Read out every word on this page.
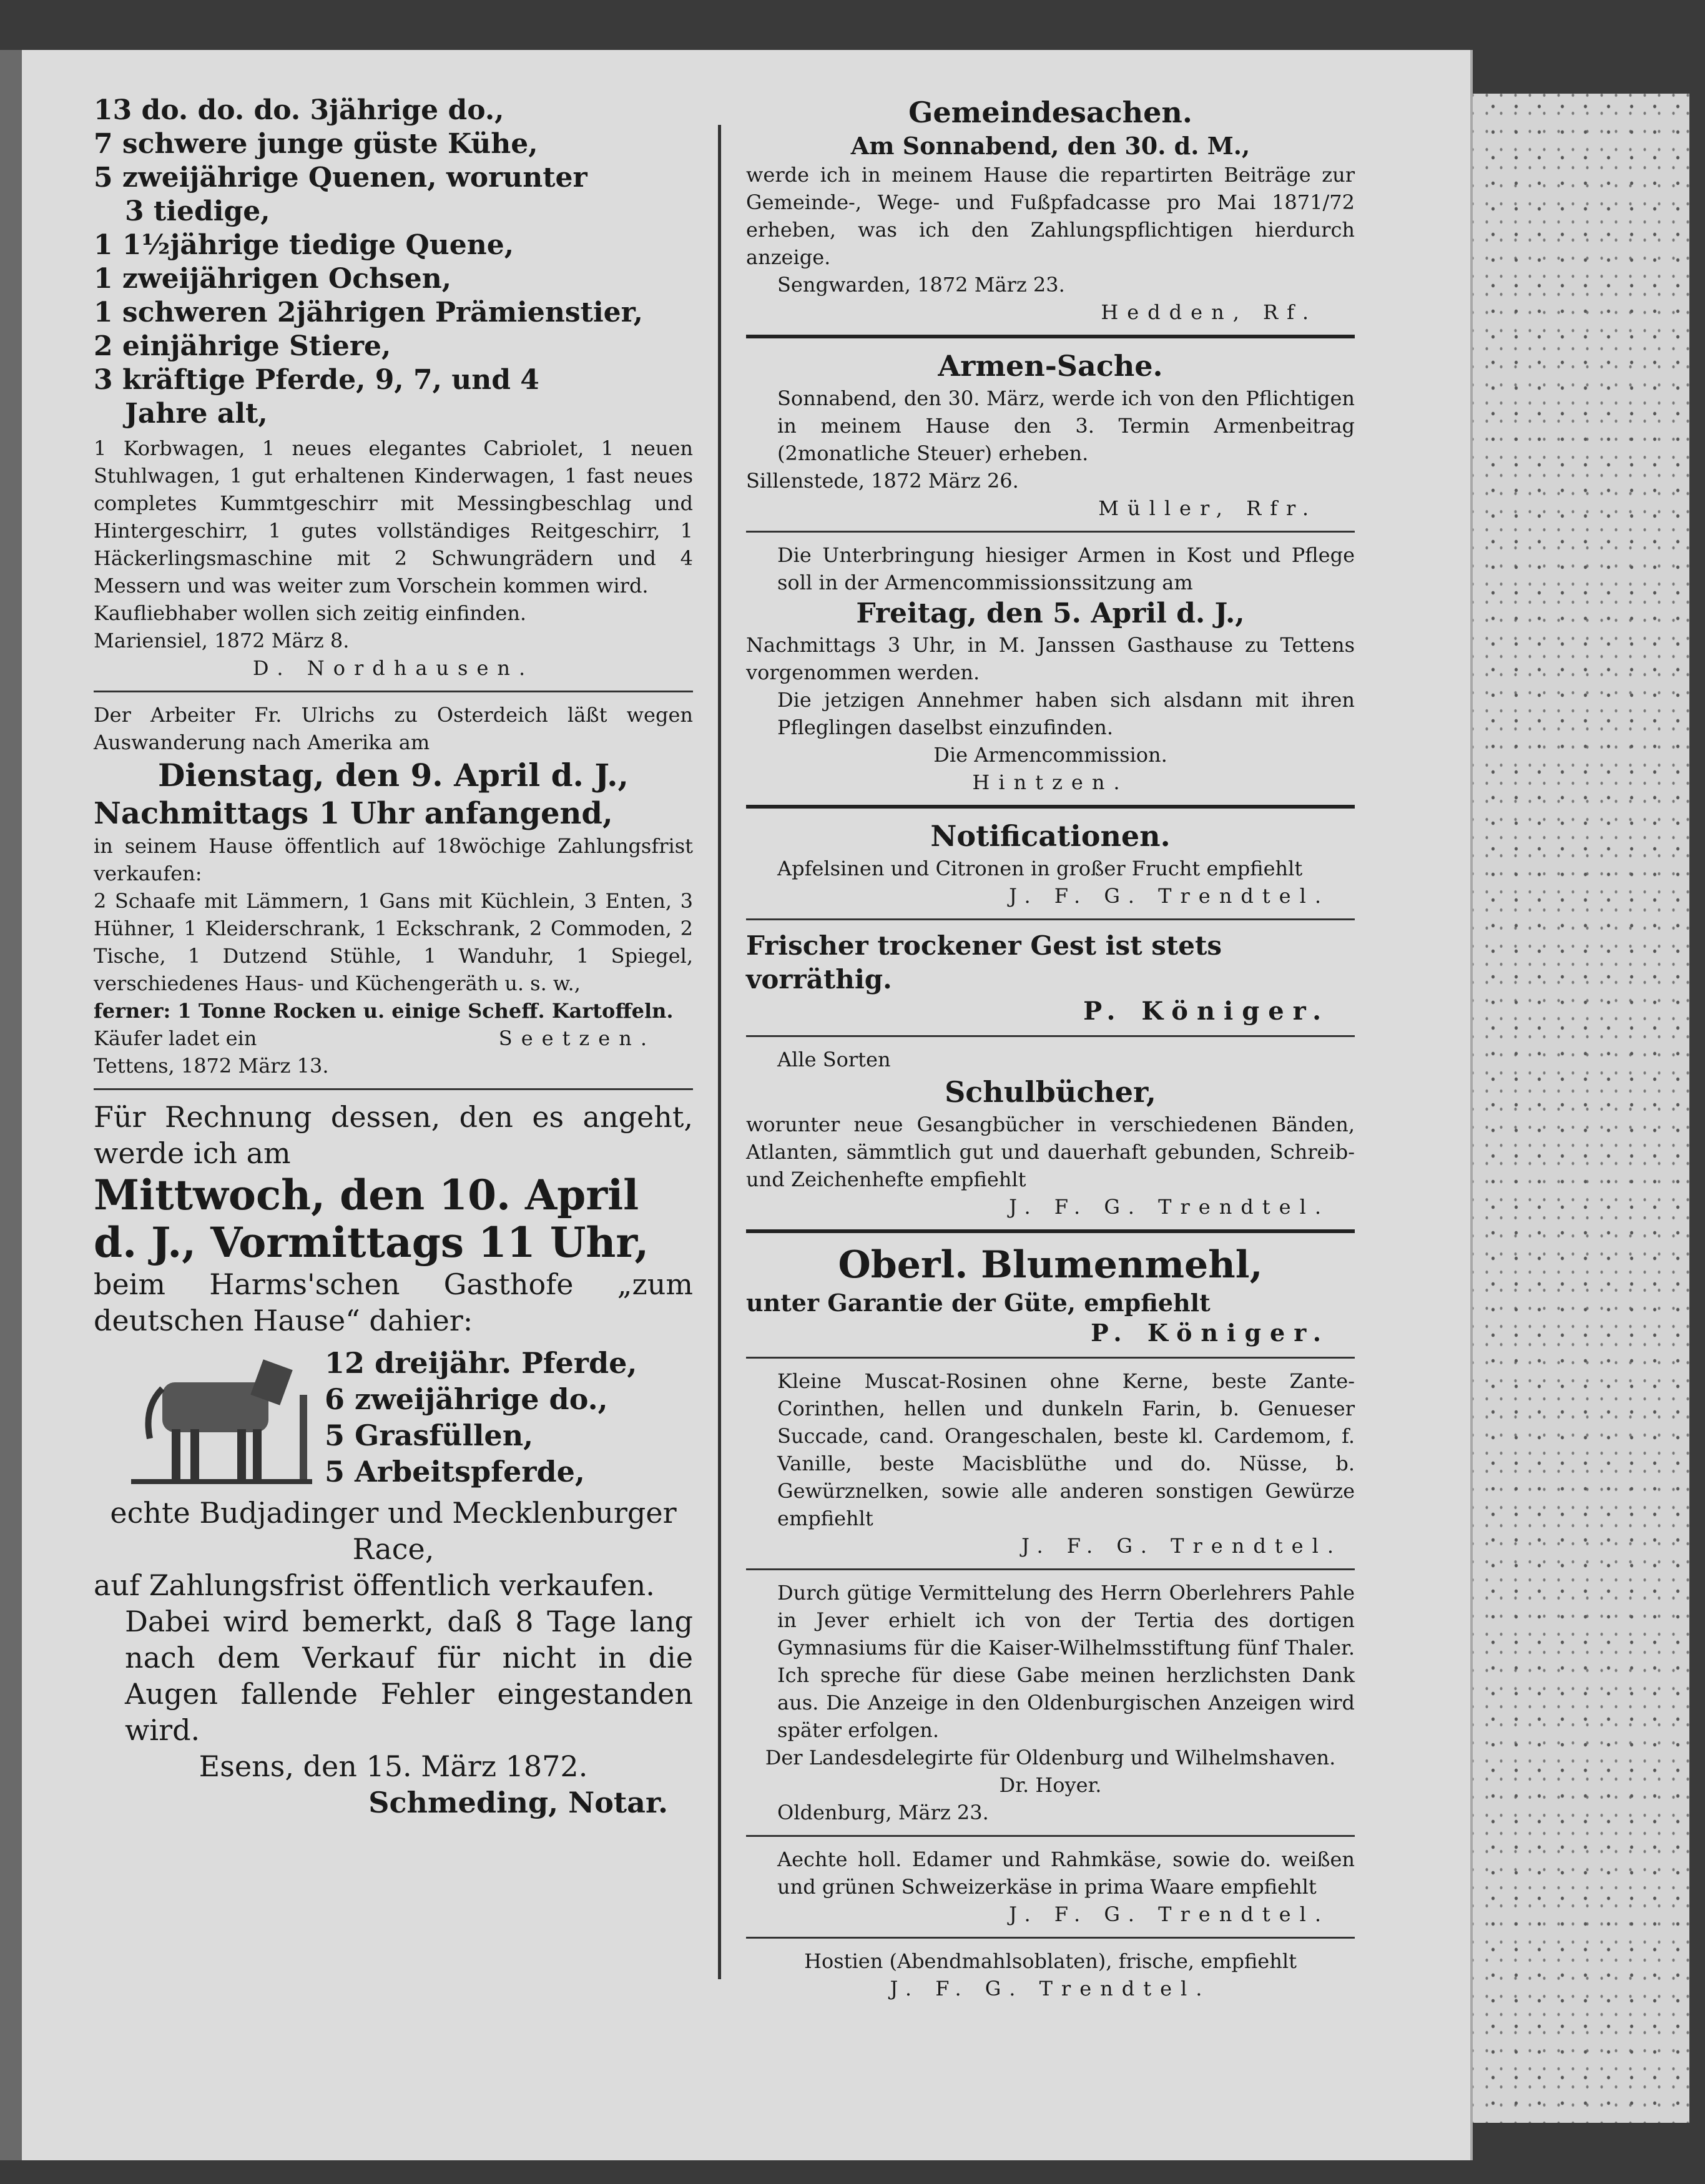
13 do. do. do. 3jährige do.,
7 schwere junge güste Kühe,
5 zweijährige Quenen, worunter
3 tiedige,
1 1½jährige tiedige Quene,
1 zweijährigen Ochsen,
1 schweren 2jährigen Prämienstier,
2 einjährige Stiere,
3 kräftige Pferde, 9, 7, und 4
Jahre alt,
1 Korbwagen, 1 neues elegantes Cabriolet, 1 neuen Stuhlwagen, 1 gut erhaltenen Kinderwagen, 1 fast neues completes Kummtgeschirr mit Messingbeschlag und Hintergeschirr, 1 gutes vollständiges Reitgeschirr, 1 Häckerlingsmaschine mit 2 Schwungrädern und 4 Messern und was weiter zum Vorschein kommen wird.
Kaufliebhaber wollen sich zeitig einfinden.
Mariensiel, 1872 März 8.
D. Nordhausen.
Der Arbeiter Fr. Ulrichs zu Osterdeich läßt wegen Auswanderung nach Amerika am
Dienstag, den 9. April d. J.,
Nachmittags 1 Uhr anfangend,
in seinem Hause öffentlich auf 18wöchige Zahlungsfrist verkaufen:
2 Schaafe mit Lämmern, 1 Gans mit Küchlein, 3 Enten, 3 Hühner, 1 Kleiderschrank, 1 Eckschrank, 2 Commoden, 2 Tische, 1 Dutzend Stühle, 1 Wanduhr, 1 Spiegel, verschiedenes Haus- und Küchengeräth u. s. w.,
ferner: 1 Tonne Rocken u. einige Scheff. Kartoffeln.
Käufer ladet ein	Seetzen.
Tettens, 1872 März 13.
Für Rechnung dessen, den es angeht, werde ich am
Mittwoch, den 10. April d. J., Vormittags 11 Uhr,
beim Harms'schen Gasthofe „zum deutschen Hause“ dahier:
12 dreijähr. Pferde,
6 zweijährige do.,
5 Grasfüllen,
5 Arbeitspferde,
echte Budjadinger und Mecklenburger Race,
auf Zahlungsfrist öffentlich verkaufen.
Dabei wird bemerkt, daß 8 Tage lang nach dem Verkauf für nicht in die Augen fallende Fehler eingestanden wird.
Esens, den 15. März 1872.
Schmeding, Notar.
Gemeindesachen.
Am Sonnabend, den 30. d. M.,
werde ich in meinem Hause die repartirten Beiträge zur Gemeinde-, Wege- und Fußpfadcasse pro Mai 1871/72 erheben, was ich den Zahlungspflichtigen hierdurch anzeige.
Sengwarden, 1872 März 23.
Hedden, Rf.
Armen-Sache.
Sonnabend, den 30. März, werde ich von den Pflichtigen in meinem Hause den 3. Termin Armenbeitrag (2monatliche Steuer) erheben.
Sillenstede, 1872 März 26.
Müller, Rfr.
Die Unterbringung hiesiger Armen in Kost und Pflege soll in der Armencommissionssitzung am
Freitag, den 5. April d. J.,
Nachmittags 3 Uhr, in M. Janssen Gasthause zu Tettens vorgenommen werden.
Die jetzigen Annehmer haben sich alsdann mit ihren Pfleglingen daselbst einzufinden.
Die Armencommission.
Hintzen.
Notificationen.
Apfelsinen und Citronen in großer Frucht empfiehlt
J. F. G. Trendtel.
Frischer trockener Gest ist stets vorräthig.
P. Königer.
Alle Sorten
Schulbücher,
worunter neue Gesangbücher in verschiedenen Bänden, Atlanten, sämmtlich gut und dauerhaft gebunden, Schreib- und Zeichenhefte empfiehlt
J. F. G. Trendtel.
Oberl. Blumenmehl,
unter Garantie der Güte, empfiehlt
P. Königer.
Kleine Muscat-Rosinen ohne Kerne, beste Zante-Corinthen, hellen und dunkeln Farin, b. Genueser Succade, cand. Orangeschalen, beste kl. Cardemom, f. Vanille, beste Macisblüthe und do. Nüsse, b. Gewürznelken, sowie alle anderen sonstigen Gewürze empfiehlt
J. F. G. Trendtel.
Durch gütige Vermittelung des Herrn Oberlehrers Pahle in Jever erhielt ich von der Tertia des dortigen Gymnasiums für die Kaiser-Wilhelmsstiftung fünf Thaler. Ich spreche für diese Gabe meinen herzlichsten Dank aus. Die Anzeige in den Oldenburgischen Anzeigen wird später erfolgen.
Der Landesdelegirte für Oldenburg und Wilhelmshaven.
Dr. Hoyer.
Oldenburg, März 23.
Aechte holl. Edamer und Rahmkäse, sowie do. weißen und grünen Schweizerkäse in prima Waare empfiehlt
J. F. G. Trendtel.
Hostien (Abendmahlsoblaten), frische, empfiehlt
J. F. G. Trendtel.
